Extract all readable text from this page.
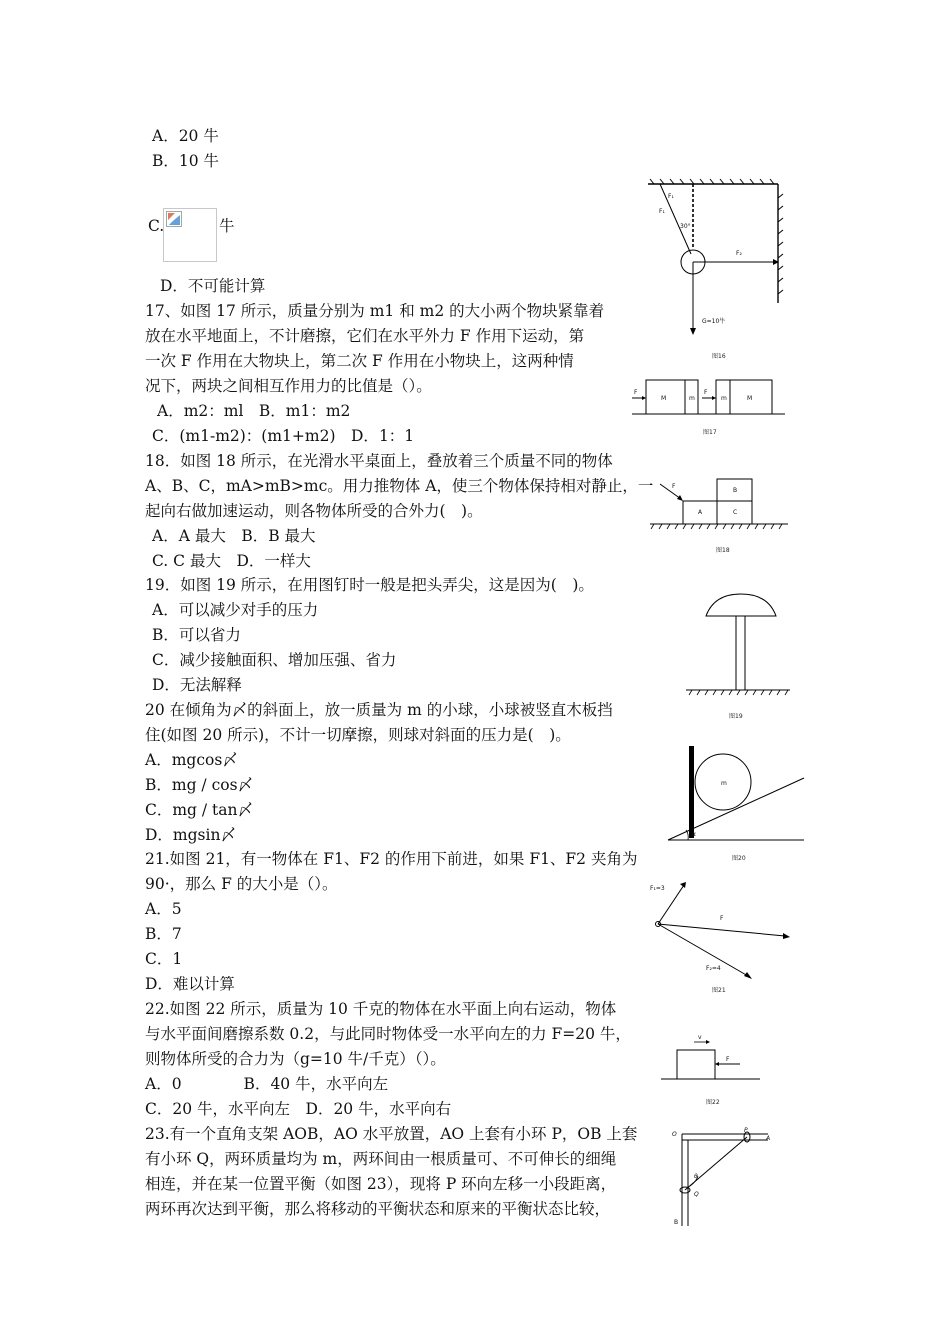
A．20 牛
B．10 牛
C.	牛
D．不可能计算
17、如图 17 所示，质量分别为 m1 和 m2 的大小两个物块紧靠着
放在水平地面上，不计磨擦，它们在水平外力 F 作用下运动，第
一次 F 作用在大物块上，第二次 F 作用在小物块上，这两种情
况下，两块之间相互作用力的比值是（）。
A．m2：ml　B．m1：m2
C．(m1-m2)：(m1+m2)　D．1：1
18．如图 18 所示，在光滑水平桌面上，叠放着三个质量不同的物体
A、B、C，mA>mB>mc。用力推物体 A，使三个物体保持相对静止，一
起向右做加速运动，则各物体所受的合外力(　)。
A．A 最大　B．B 最大
C. C 最大　D．一样大
19．如图 19 所示，在用图钉时一般是把头弄尖，这是因为(　)。
A．可以减少对手的压力
B．可以省力
C．减少接触面积、增加压强、省力
D．无法解释
20 在倾角为〆的斜面上，放一质量为 m 的小球，小球被竖直木板挡
住(如图 20 所示)，不计一切摩擦，则球对斜面的压力是(　)。
A．mgcos〆
B．mg / cos〆
C．mg / tan〆
D．mgsin〆
21.如图 21，有一物体在 F1、F2 的作用下前进，如果 F1、F2 夹角为
90·，那么 F 的大小是（）。
A．5
B．7
C．1
D．难以计算
22.如图 22 所示，质量为 10 千克的物体在水平面上向右运动，物体
与水平面间磨擦系数 0.2，与此同时物体受一水平向左的力 F=20 牛，
则物体所受的合力为（g=10 牛/千克）（）。
A．0　　　　B．40 牛，水平向左
C．20 牛，水平向左　D．20 牛，水平向右
23.有一个直角支架 AOB，AO 水平放置，AO 上套有小环 P，OB 上套
有小环 Q，两环质量均为 m，两环间由一根质量可、不可伸长的细绳
相连，并在某一位置平衡（如图 23），现将 P 环向左移一小段距离，
两环再次达到平衡，那么将移动的平衡状态和原来的平衡状态比较，
F₁
F₁
30°
F₂
G=10牛
图16
F	F
M	m	m	M
图17
F
A
B
C
图18
图19
m
α
图20
F₁=3
F
F₂=4
图21
v
F
图22
O
P
A
θ
Q
B
